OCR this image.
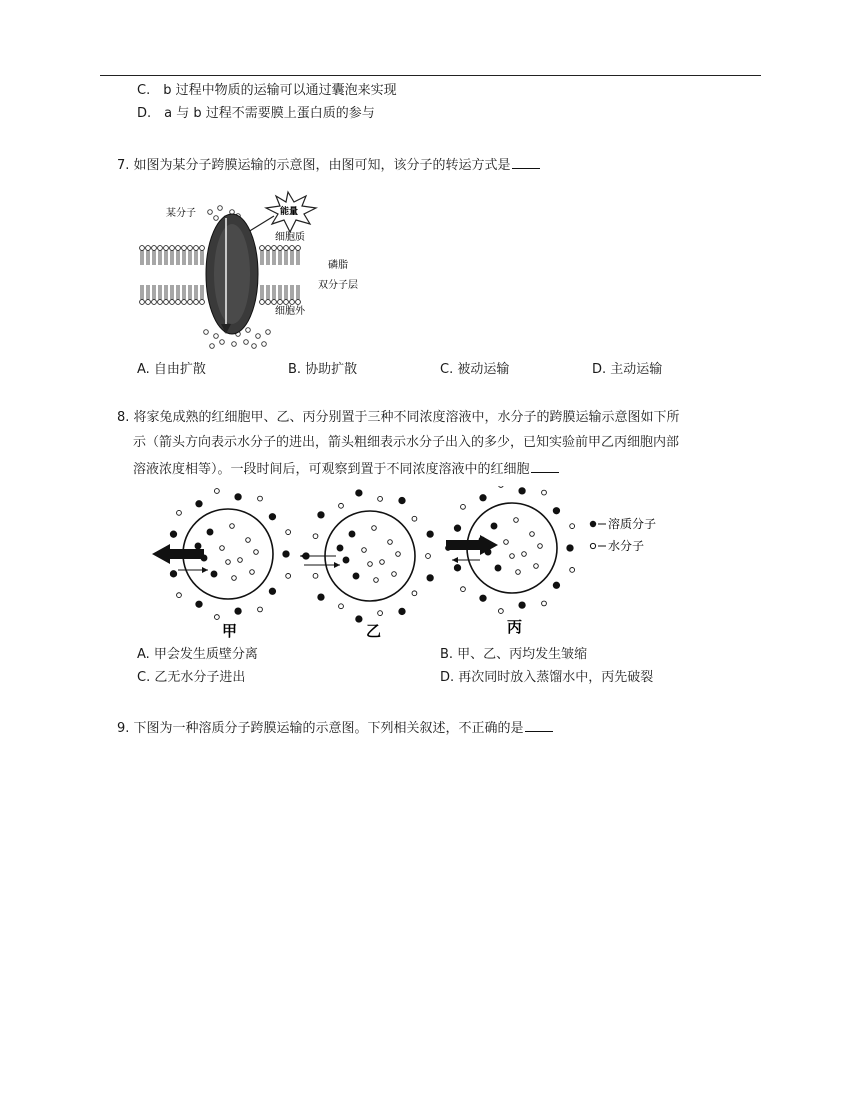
C.　b 过程中物质的运输可以通过囊泡来实现
D.　a 与 b 过程不需要膜上蛋白质的参与
7. 如图为某分子跨膜运输的示意图，由图可知，该分子的转运方式是
某分子
细胞质
磷脂
双分子层
细胞外
能量
A. 自由扩散	B. 协助扩散	C. 被动运输	D. 主动运输
8. 将家兔成熟的红细胞甲、乙、丙分别置于三种不同浓度溶液中，水分子的跨膜运输示意图如下所
示（箭头方向表示水分子的进出，箭头粗细表示水分子出入的多少，已知实验前甲乙丙细胞内部
溶液浓度相等）。一段时间后，可观察到置于不同浓度溶液中的红细胞
溶质分子
水分子
甲	乙	丙
A. 甲会发生质壁分离	B. 甲、乙、丙均发生皱缩
C. 乙无水分子进出	D. 再次同时放入蒸馏水中，丙先破裂
9. 下图为一种溶质分子跨膜运输的示意图。下列相关叙述，不正确的是
